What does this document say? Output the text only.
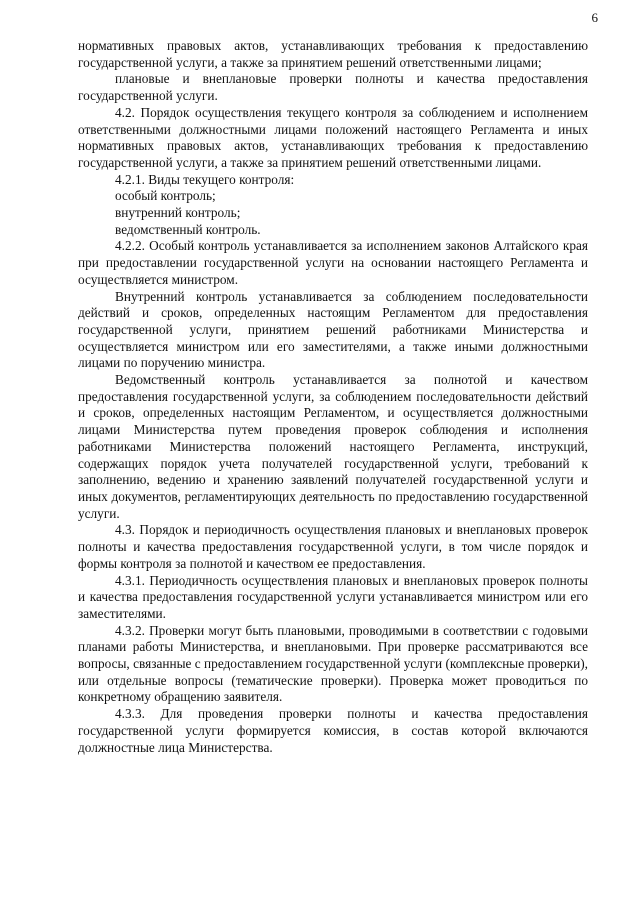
6

нормативных правовых актов, устанавливающих требования к предоставлению государственной услуги, а также за принятием решений ответственными лицами;

плановые и внеплановые проверки полноты и качества предоставления государственной услуги.

4.2. Порядок осуществления текущего контроля за соблюдением и исполнением ответственными должностными лицами положений настоящего Регламента и иных нормативных правовых актов, устанавливающих требования к предоставлению государственной услуги, а также за принятием решений ответственными лицами.

4.2.1. Виды текущего контроля:

особый контроль;

внутренний контроль;

ведомственный контроль.

4.2.2. Особый контроль устанавливается за исполнением законов Алтайского края при предоставлении государственной услуги на основании настоящего Регламента и осуществляется министром.

Внутренний контроль устанавливается за соблюдением последовательности действий и сроков, определенных настоящим Регламентом для предоставления государственной услуги, принятием решений работниками Министерства и осуществляется министром или его заместителями, а также иными должностными лицами по поручению министра.

Ведомственный контроль устанавливается за полнотой и качеством предоставления государственной услуги, за соблюдением последовательности действий и сроков, определенных настоящим Регламентом, и осуществляется должностными лицами Министерства путем проведения проверок соблюдения и исполнения работниками Министерства положений настоящего Регламента, инструкций, содержащих порядок учета получателей государственной услуги, требований к заполнению, ведению и хранению заявлений получателей государственной услуги и иных документов, регламентирующих деятельность по предоставлению государственной услуги.

4.3. Порядок и периодичность осуществления плановых и внеплановых проверок полноты и качества предоставления государственной услуги, в том числе порядок и формы контроля за полнотой и качеством ее предоставления.

4.3.1. Периодичность осуществления плановых и внеплановых проверок полноты и качества предоставления государственной услуги устанавливается министром или его заместителями.

4.3.2. Проверки могут быть плановыми, проводимыми в соответствии с годовыми планами работы Министерства, и внеплановыми. При проверке рассматриваются все вопросы, связанные с предоставлением государственной услуги (комплексные проверки), или отдельные вопросы (тематические проверки). Проверка может проводиться по конкретному обращению заявителя.

4.3.3. Для проведения проверки полноты и качества предоставления государственной услуги формируется комиссия, в состав которой включаются должностные лица Министерства.
